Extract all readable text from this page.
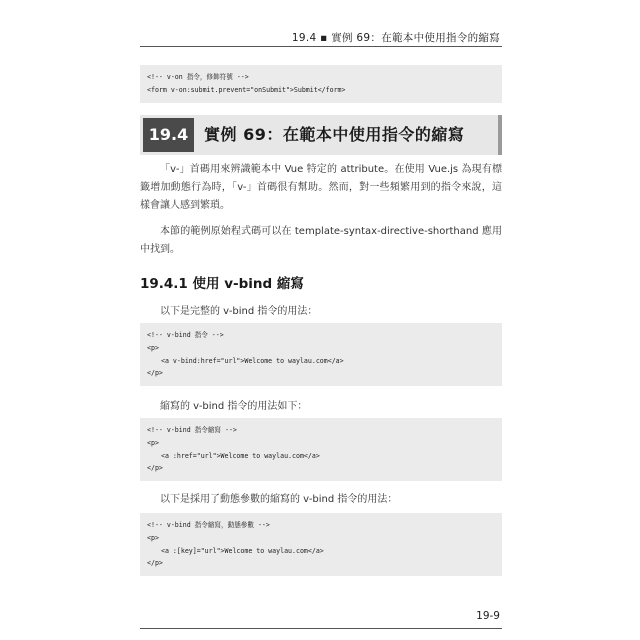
19.4 ▪ 實例 69：在範本中使用指令的縮寫
<!-- v-on 指令，修飾符號 -->
<form v-on:submit.prevent="onSubmit">Submit</form>
19.4 實例 69：在範本中使用指令的縮寫
「v-」首碼用來辨識範本中 Vue 特定的 attribute。在使用 Vue.js 為現有標籤增加動態行為時，「v-」首碼很有幫助。然而，對一些頻繁用到的指令來說，這樣會讓人感到繁瑣。
本節的範例原始程式碼可以在 template-syntax-directive-shorthand 應用中找到。
19.4.1 使用 v-bind 縮寫
以下是完整的 v-bind 指令的用法：
<!-- v-bind 指令 -->
<p>
<a v-bind:href="url">Welcome to waylau.com</a>
</p>
縮寫的 v-bind 指令的用法如下：
<!-- v-bind 指令縮寫 -->
<p>
<a :href="url">Welcome to waylau.com</a>
</p>
以下是採用了動態參數的縮寫的 v-bind 指令的用法：
<!-- v-bind 指令縮寫，動態參數 -->
<p>
<a :[key]="url">Welcome to waylau.com</a>
</p>
19-9
